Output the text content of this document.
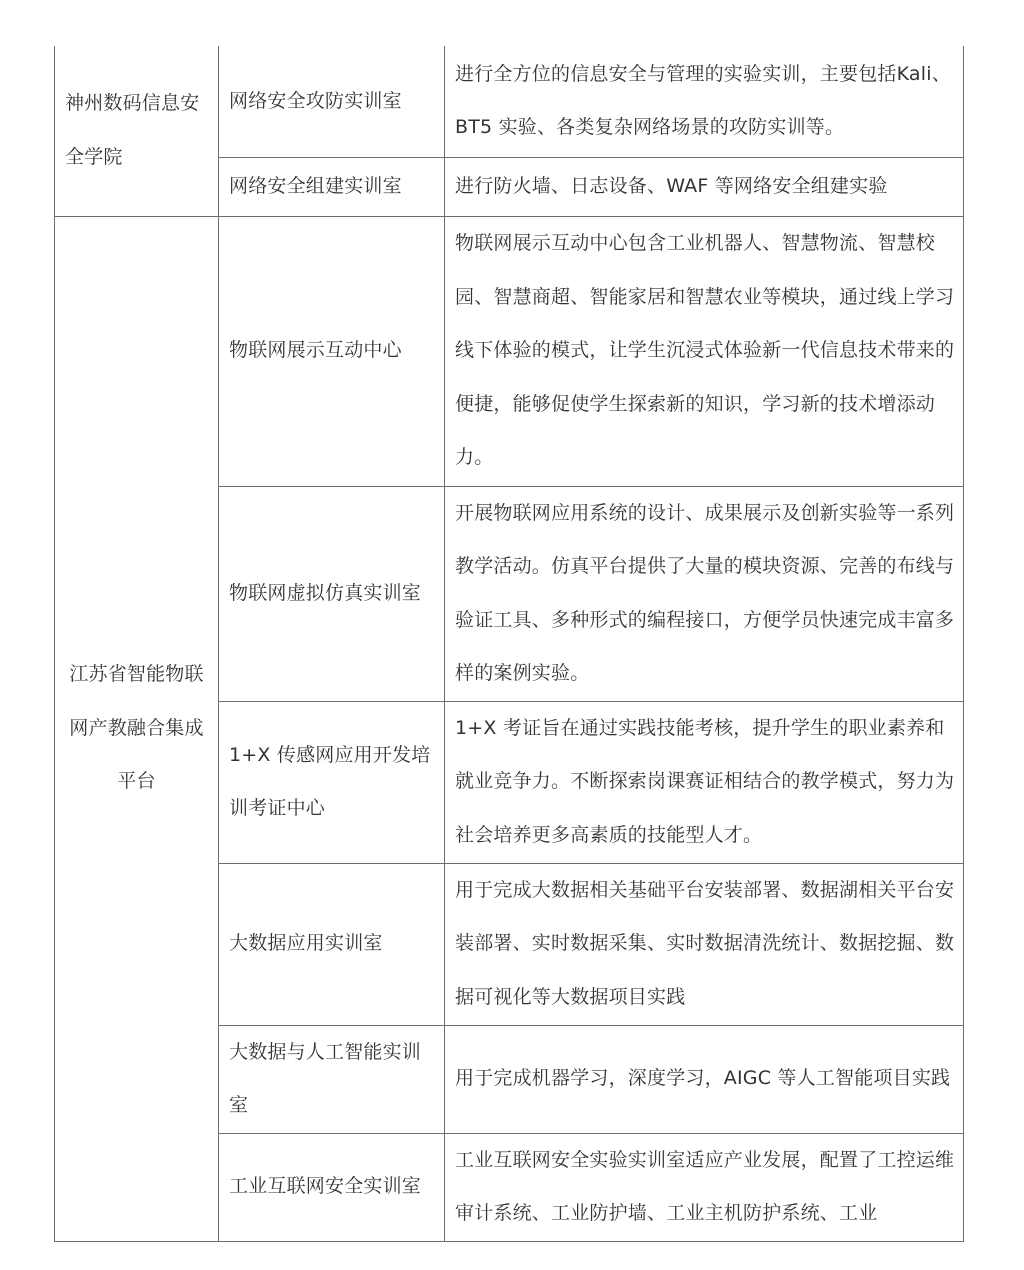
神州数码信息安全学院	网络安全攻防实训室	进行全方位的信息安全与管理的实验实训，主要包括Kali、BT5 实验、各类复杂网络场景的攻防实训等。

	网络安全组建实训室	进行防火墙、日志设备、WAF 等网络安全组建实验

江苏省智能物联网产教融合集成平台	物联网展示互动中心	物联网展示互动中心包含工业机器人、智慧物流、智慧校园、智慧商超、智能家居和智慧农业等模块，通过线上学习线下体验的模式，让学生沉浸式体验新一代信息技术带来的便捷，能够促使学生探索新的知识，学习新的技术增添动力。

	物联网虚拟仿真实训室	开展物联网应用系统的设计、成果展示及创新实验等一系列教学活动。仿真平台提供了大量的模块资源、完善的布线与验证工具、多种形式的编程接口，方便学员快速完成丰富多样的案例实验。

	1+X 传感网应用开发培训考证中心	1+X 考证旨在通过实践技能考核，提升学生的职业素养和就业竞争力。不断探索岗课赛证相结合的教学模式，努力为社会培养更多高素质的技能型人才。

	大数据应用实训室	用于完成大数据相关基础平台安装部署、数据湖相关平台安装部署、实时数据采集、实时数据清洗统计、数据挖掘、数据可视化等大数据项目实践

	大数据与人工智能实训室	用于完成机器学习，深度学习，AIGC 等人工智能项目实践

	工业互联网安全实训室	工业互联网安全实验实训室适应产业发展，配置了工控运维审计系统、工业防护墙、工业主机防护系统、工业
